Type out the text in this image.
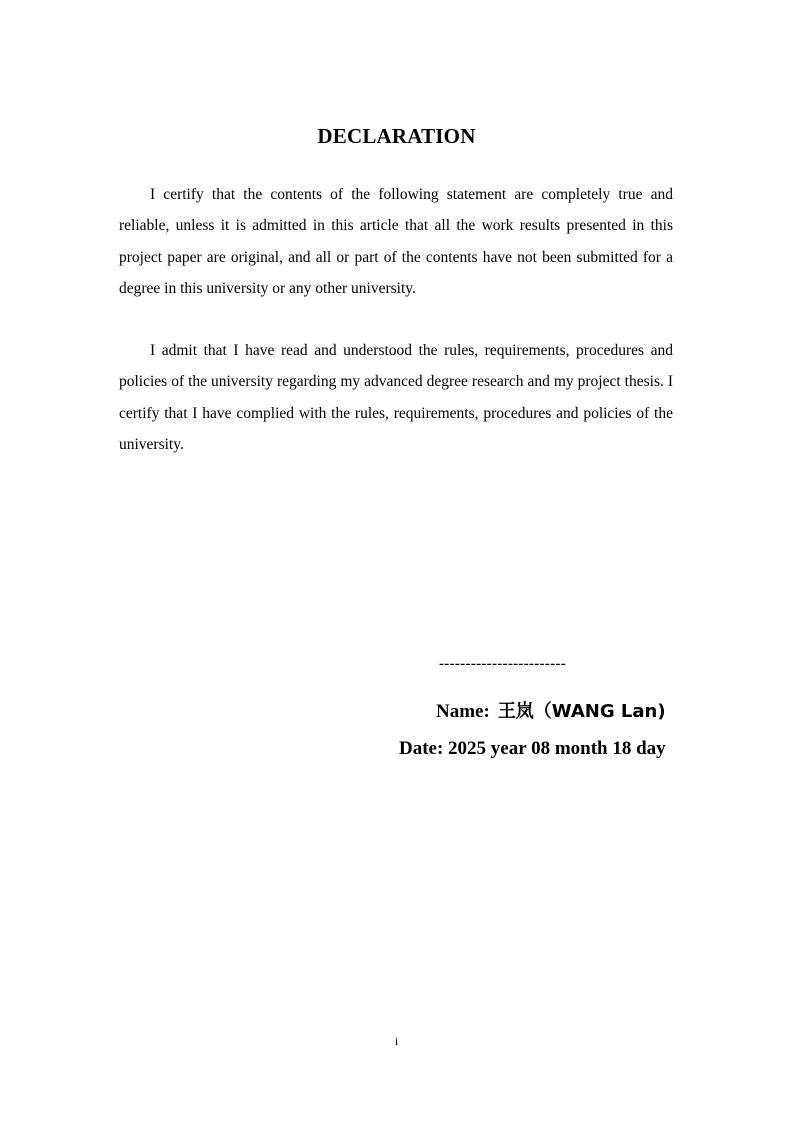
DECLARATION

I certify that the contents of the following statement are completely true and reliable, unless it is admitted in this article that all the work results presented in this project paper are original, and all or part of the contents have not been submitted for a degree in this university or any other university.

I admit that I have read and understood the rules, requirements, procedures and policies of the university regarding my advanced degree research and my project thesis. I certify that I have complied with the rules, requirements, procedures and policies of the university.

------------------------
Name: 王岚（WANG Lan)
Date: 2025 year 08 month 18 day
i
